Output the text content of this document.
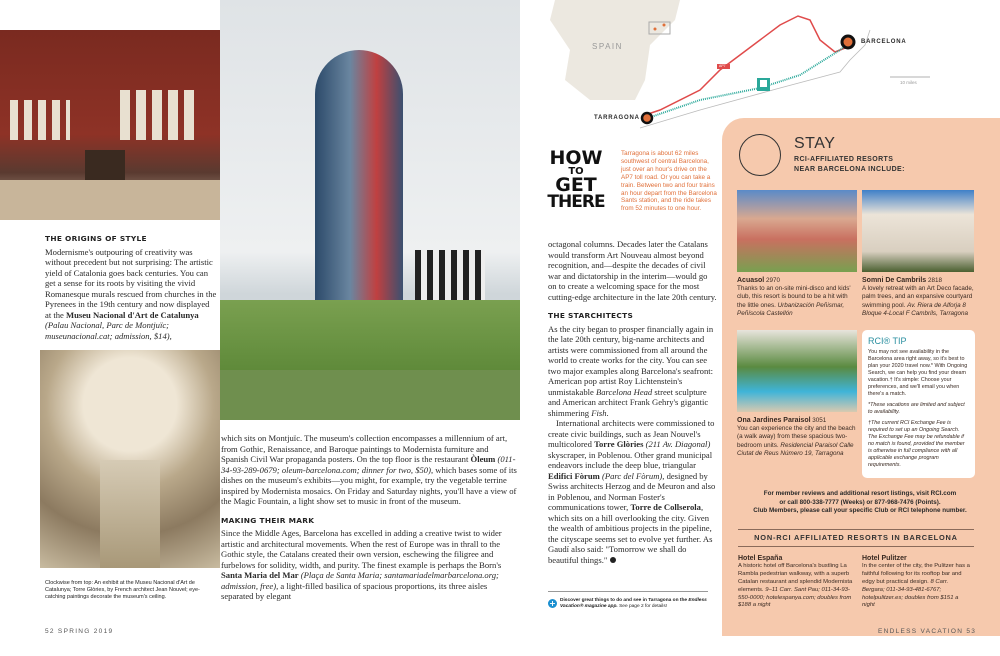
THE ORIGINS OF STYLE

Modernisme's outpouring of creativity was without precedent but not surprising: The artistic yield of Catalonia goes back centuries. You can get a sense for its roots by visiting the vivid Romanesque murals rescued from churches in the Pyrenees in the 19th century and now displayed at the Museu Nacional d'Art de Catalunya (Palau Nacional, Parc de Montjuïc; museunacional.cat; admission, $14),

Clockwise from top: An exhibit at the Museu Nacional d'Art de Catalunya; Torre Glòries, by French architect Jean Nouvel; eye-catching paintings decorate the museum's ceiling.
52 SPRING 2019

which sits on Montjuïc. The museum's collection encompasses a millennium of art, from Gothic, Renaissance, and Baroque paintings to Modernista furniture and Spanish Civil War propaganda posters. On the top floor is the restaurant Òleum (011-34-93-289-0679; oleum-barcelona.com; dinner for two, $50), which bases some of its dishes on the museum's exhibits—you might, for example, try the vegetable terrine inspired by Modernista mosaics. On Friday and Saturday nights, you'll have a view of the Magic Fountain, a light show set to music in front of the museum.

MAKING THEIR MARK

Since the Middle Ages, Barcelona has excelled in adding a creative twist to wider artistic and architectural movements. When the rest of Europe was in thrall to the Gothic style, the Catalans created their own version, eschewing the filigree and furbelows for solidity, width, and purity. The finest example is perhaps the Born's Santa Maria del Mar (Plaça de Santa Maria; santamariadelmarbarcelona.org; admission, free), a light-filled basilica of spacious proportions, its three aisles separated by elegant

SPAIN	BARCELONA
TARRAGONA
AP7
10 miles
HOW
TO
GET
THERE
Tarragona is about 62 miles southwest of central Barcelona, just over an hour's drive on the AP7 toll road. Or you can take a train. Between two and four trains an hour depart from the Barcelona Sants station, and the ride takes from 52 minutes to one hour.

octagonal columns. Decades later the Catalans would transform Art Nouveau almost beyond recognition, and—despite the decades of civil war and dictatorship in the interim—would go on to create a welcoming space for the most cutting-edge architecture in the late 20th century.

THE STARCHITECTS

As the city began to prosper financially again in the late 20th century, big-name architects and artists were commissioned from all around the world to create works for the city. You can see two major examples along Barcelona's seafront: American pop artist Roy Lichtenstein's unmistakable Barcelona Head street sculpture and American architect Frank Gehry's gigantic shimmering Fish.

International architects were commissioned to create civic buildings, such as Jean Nouvel's multicolored Torre Glòries (211 Av. Diagonal) skyscraper, in Poblenou. Other grand municipal endeavors include the deep blue, triangular Edifici Fòrum (Parc del Fòrum), designed by Swiss architects Herzog and de Meuron and also in Poblenou, and Norman Foster's communications tower, Torre de Collserola, which sits on a hill overlooking the city. Given the wealth of ambitious projects in the pipeline, the cityscape seems set to evolve yet further. As Gaudí also said: "Tomorrow we shall do beautiful things."

+ Discover great things to do and see in Tarragona on the Endless Vacation® magazine app. See page 2 for details!
STAY
RCI-AFFILIATED RESORTS
NEAR BARCELONA INCLUDE:
Acuasol 2970
Thanks to an on-site mini-disco and kids' club, this resort is bound to be a hit with the little ones. Urbanización Peñismar, Peñíscola Castellón
Somni De Cambrils 2818
A lovely retreat with an Art Deco facade, palm trees, and an expansive courtyard swimming pool. Av. Riera de Alforja 8 Bloque 4-Local F Cambrils, Tarragona
Ona Jardines Paraisol 3051
You can experience the city and the beach (a walk away) from these spacious two-bedroom units. Residencial Paraisol Calle Ciutat de Reus Número 19, Tarragona
RCI® TIP
You may not see availability in the Barcelona area right away, so it's best to plan your 2020 travel now.* With Ongoing Search, we can help you find your dream vacation.† It's simple: Choose your preferences, and we'll email you when there's a match.
*These vacations are limited and subject to availability.
†The current RCI Exchange Fee is required to set up an Ongoing Search. The Exchange Fee may be refundable if no match is found, provided the member is otherwise in full compliance with all applicable exchange program requirements.
For member reviews and additional resort listings, visit RCI.com
or call 800-338-7777 (Weeks) or 877-968-7476 (Points).
Club Members, please call your specific Club or RCI telephone number.
NON-RCI AFFILIATED RESORTS IN BARCELONA
Hotel España
A historic hotel off Barcelona's bustling La Rambla pedestrian walkway, with a superb Catalan restaurant and splendid Modernista elements. 9–11 Carr. Sant Pau; 011-34-93-550-0000; hotelespanya.com; doubles from $188 a night
Hotel Pulitzer
In the center of the city, the Pulitzer has a faithful following for its rooftop bar and edgy but practical design. 8 Carr. Bergara; 011-34-93-481-6767; hotelpulitzer.es; doubles from $151 a night
ENDLESS VACATION 53
